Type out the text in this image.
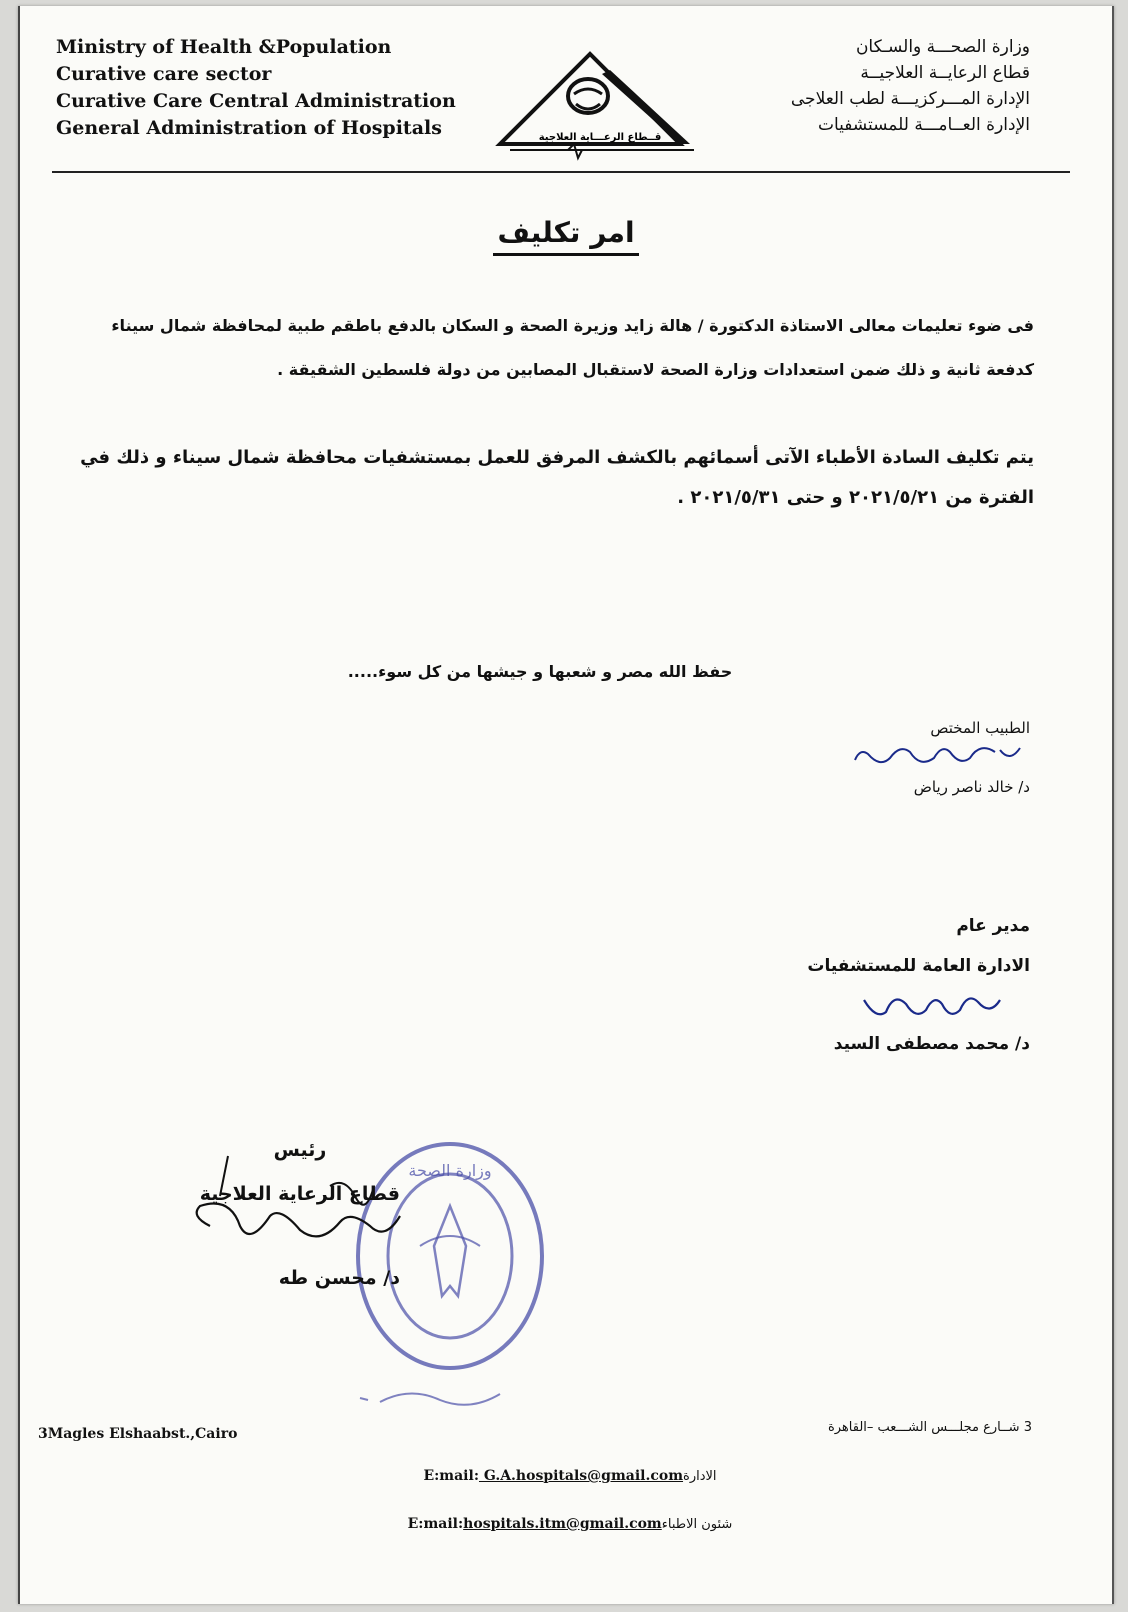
Ministry of Health &Population
Curative care sector
Curative Care Central Administration
General Administration of Hospitals	قــطاع الرعـــاية العلاجية
وزارة الصحـــة والسـكان
قطاع الرعايــة العلاجيــة
الإدارة المـــركزيـــة لطب العلاجى
الإدارة العــامـــة للمستشفيات
امر تكليف
فى ضوء تعليمات معالى الاستاذة الدكتورة / هالة زايد وزيرة الصحة و السكان بالدفع باطقم طبية لمحافظة شمال سيناء كدفعة ثانية و ذلك ضمن استعدادات وزارة الصحة لاستقبال المصابين من دولة فلسطين الشقيقة .
يتم تكليف السادة الأطباء الآتى أسمائهم بالكشف المرفق للعمل بمستشفيات محافظة شمال سيناء و ذلك في الفترة من ٢٠٢١/٥/٢١ و حتى ٢٠٢١/٥/٣١ .
حفظ الله مصر و شعبها و جيشها من كل سوء.....
الطبيب المختص
د/ خالد ناصر رياض
مدير عام
الادارة العامة للمستشفيات
د/ محمد مصطفى السيد
وزارة الصحة
رئيس
قطاع الرعاية العلاجية
د/ محسن طه
3Magles Elshaabst.,Cairo	3 شــارع مجلـــس الشـــعب –القاهرة
E:mail: G.A.hospitals@gmail.comالادارة
E:mail:hospitals.itm@gmail.comشئون الاطباء
